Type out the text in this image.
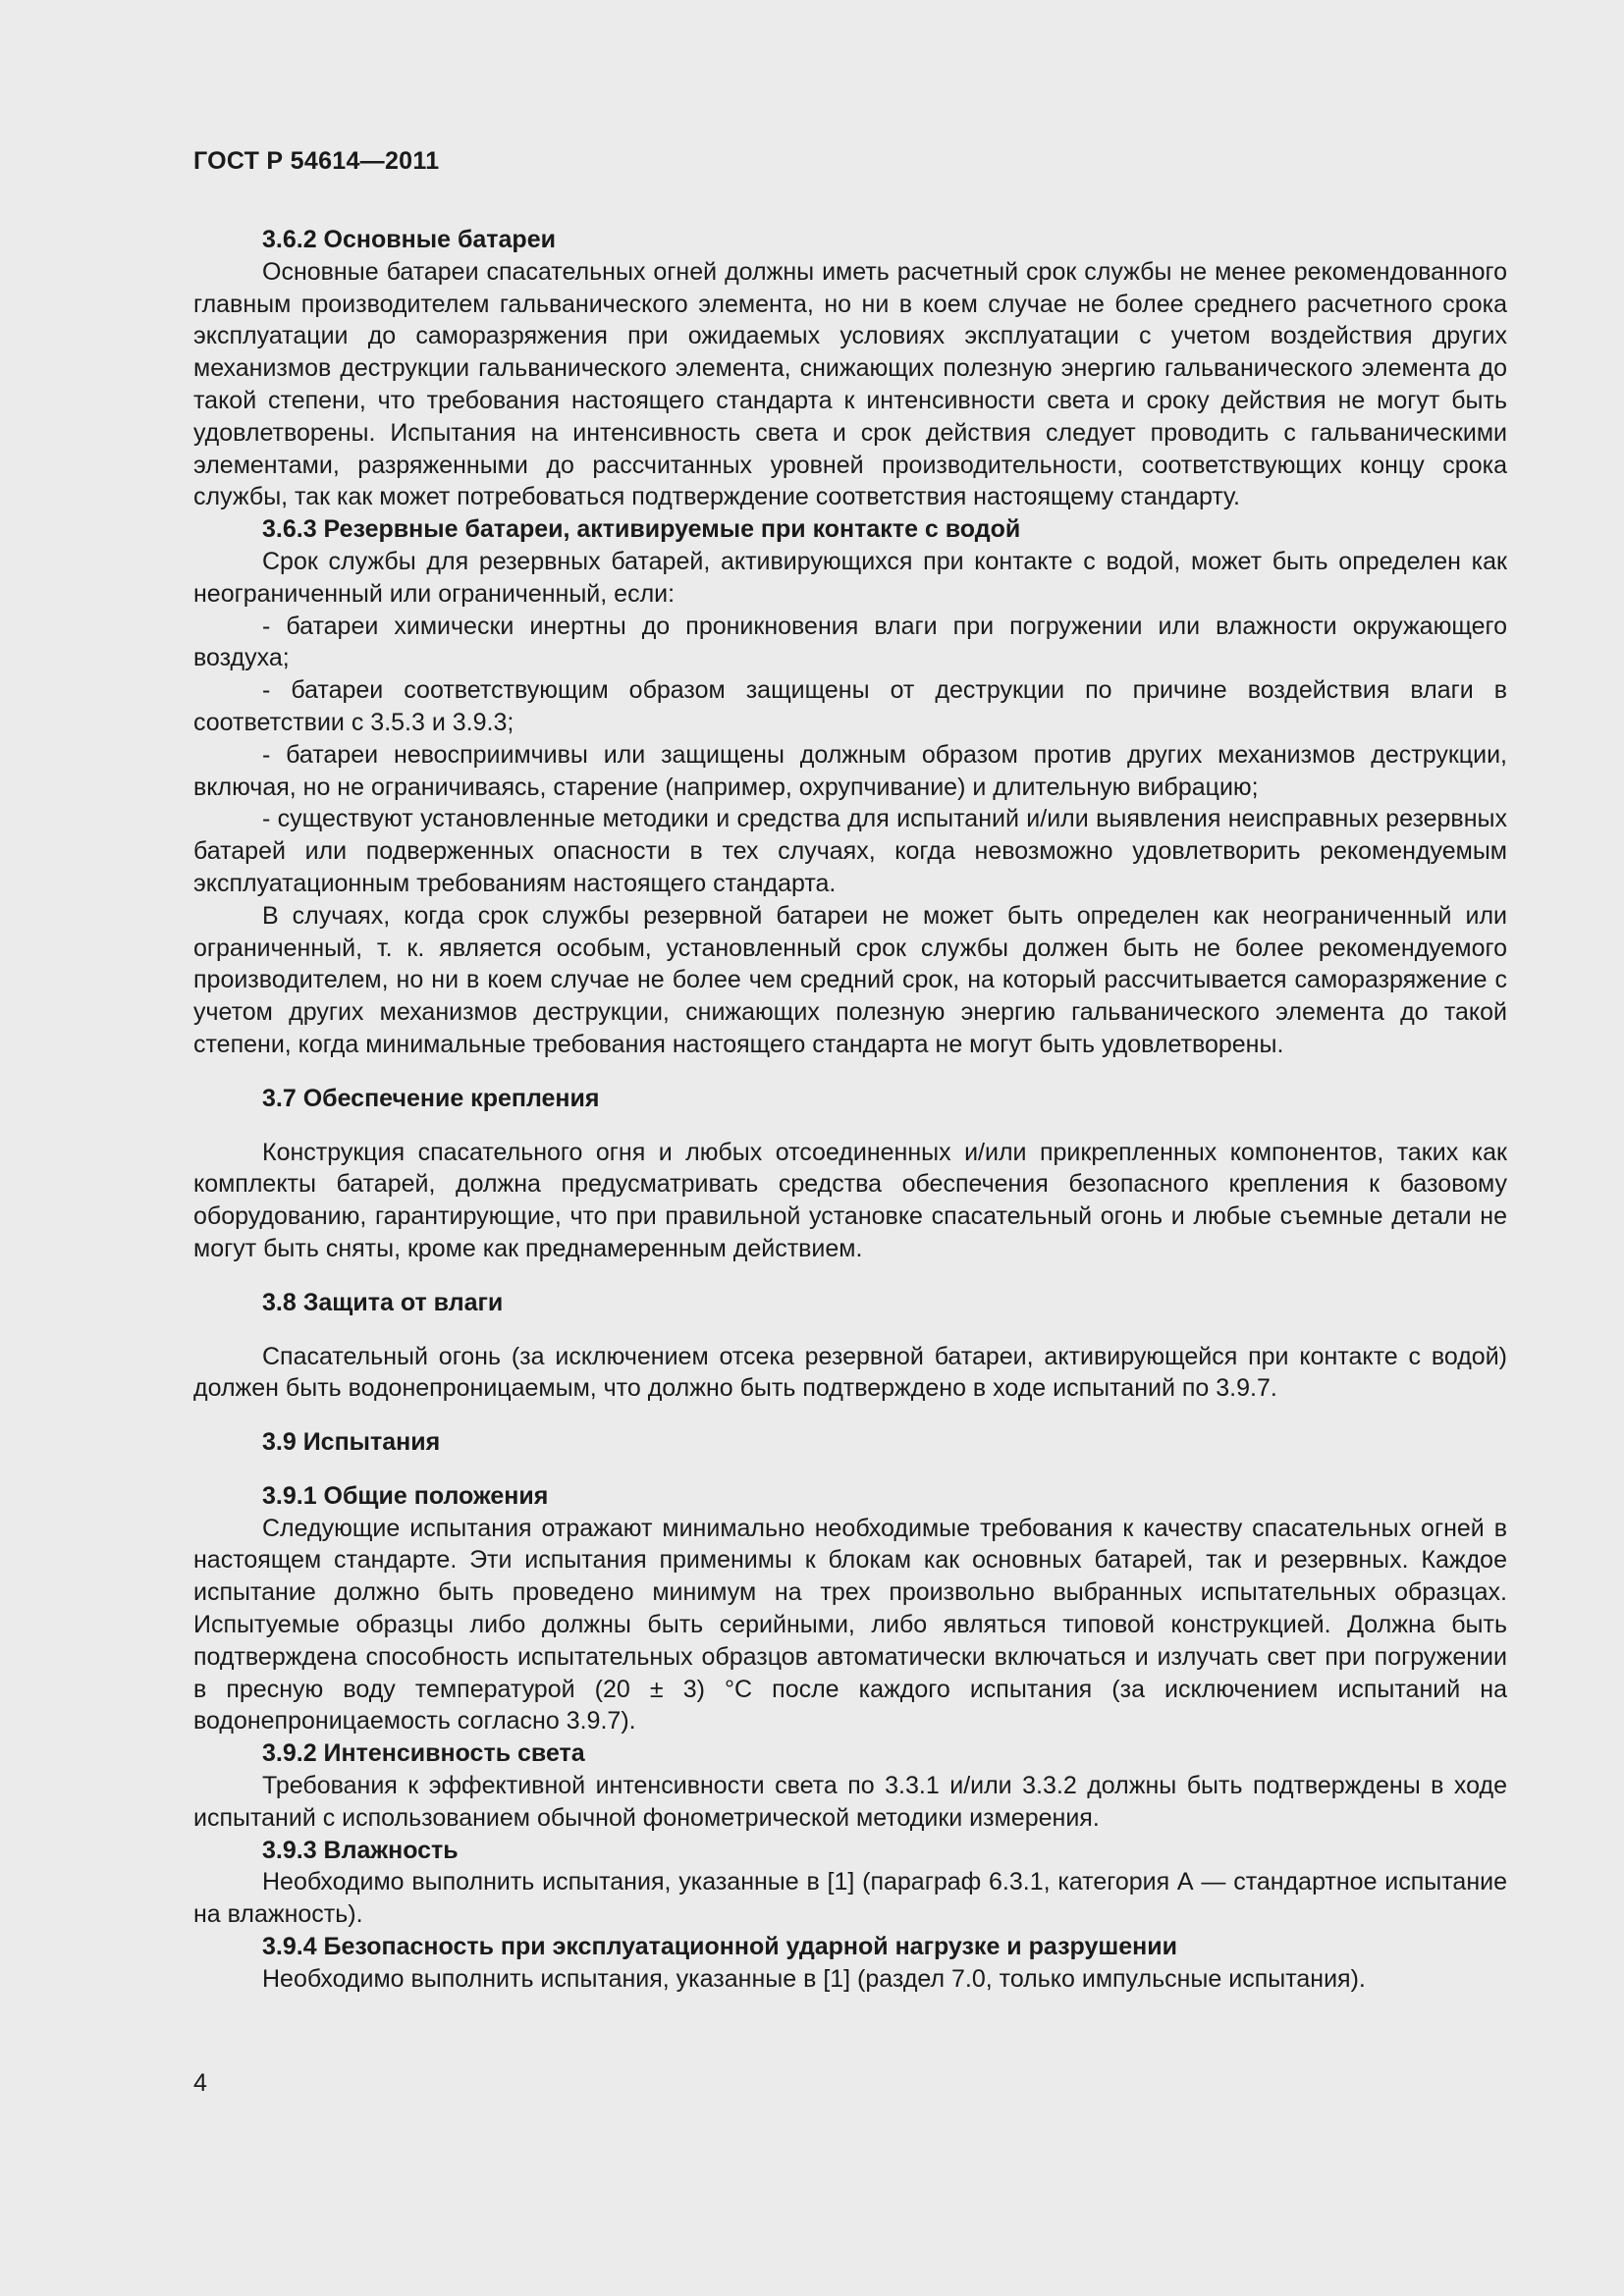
ГОСТ Р 54614—2011
3.6.2 Основные батареи

Основные батареи спасательных огней должны иметь расчетный срок службы не менее рекомендованного главным производителем гальванического элемента, но ни в коем случае не более среднего расчетного срока эксплуатации до саморазряжения при ожидаемых условиях эксплуатации с учетом воздействия других механизмов деструкции гальванического элемента, снижающих полезную энергию гальванического элемента до такой степени, что требования настоящего стандарта к интенсивности света и сроку действия не могут быть удовлетворены. Испытания на интенсивность света и срок действия следует проводить с гальваническими элементами, разряженными до рассчитанных уровней производительности, соответствующих концу срока службы, так как может потребоваться подтверждение соответствия настоящему стандарту.

3.6.3 Резервные батареи, активируемые при контакте с водой

Срок службы для резервных батарей, активирующихся при контакте с водой, может быть определен как неограниченный или ограниченный, если:

- батареи химически инертны до проникновения влаги при погружении или влажности окружающего воздуха;

- батареи соответствующим образом защищены от деструкции по причине воздействия влаги в соответствии с 3.5.3 и 3.9.3;

- батареи невосприимчивы или защищены должным образом против других механизмов деструкции, включая, но не ограничиваясь, старение (например, охрупчивание) и длительную вибрацию;

- существуют установленные методики и средства для испытаний и/или выявления неисправных резервных батарей или подверженных опасности в тех случаях, когда невозможно удовлетворить рекомендуемым эксплуатационным требованиям настоящего стандарта.

В случаях, когда срок службы резервной батареи не может быть определен как неограниченный или ограниченный, т. к. является особым, установленный срок службы должен быть не более рекомендуемого производителем, но ни в коем случае не более чем средний срок, на который рассчитывается саморазряжение с учетом других механизмов деструкции, снижающих полезную энергию гальванического элемента до такой степени, когда минимальные требования настоящего стандарта не могут быть удовлетворены.

3.7 Обеспечение крепления

Конструкция спасательного огня и любых отсоединенных и/или прикрепленных компонентов, таких как комплекты батарей, должна предусматривать средства обеспечения безопасного крепления к базовому оборудованию, гарантирующие, что при правильной установке спасательный огонь и любые съемные детали не могут быть сняты, кроме как преднамеренным действием.

3.8 Защита от влаги

Спасательный огонь (за исключением отсека резервной батареи, активирующейся при контакте с водой) должен быть водонепроницаемым, что должно быть подтверждено в ходе испытаний по 3.9.7.

3.9 Испытания
3.9.1 Общие положения

Следующие испытания отражают минимально необходимые требования к качеству спасательных огней в настоящем стандарте. Эти испытания применимы к блокам как основных батарей, так и резервных. Каждое испытание должно быть проведено минимум на трех произвольно выбранных испытательных образцах. Испытуемые образцы либо должны быть серийными, либо являться типовой конструкцией. Должна быть подтверждена способность испытательных образцов автоматически включаться и излучать свет при погружении в пресную воду температурой (20 ± 3) °С после каждого испытания (за исключением испытаний на водонепроницаемость согласно 3.9.7).

3.9.2 Интенсивность света

Требования к эффективной интенсивности света по 3.3.1 и/или 3.3.2 должны быть подтверждены в ходе испытаний с использованием обычной фонометрической методики измерения.

3.9.3 Влажность

Необходимо выполнить испытания, указанные в [1] (параграф 6.3.1, категория А — стандартное испытание на влажность).

3.9.4 Безопасность при эксплуатационной ударной нагрузке и разрушении

Необходимо выполнить испытания, указанные в [1] (раздел 7.0, только импульсные испытания).

4
